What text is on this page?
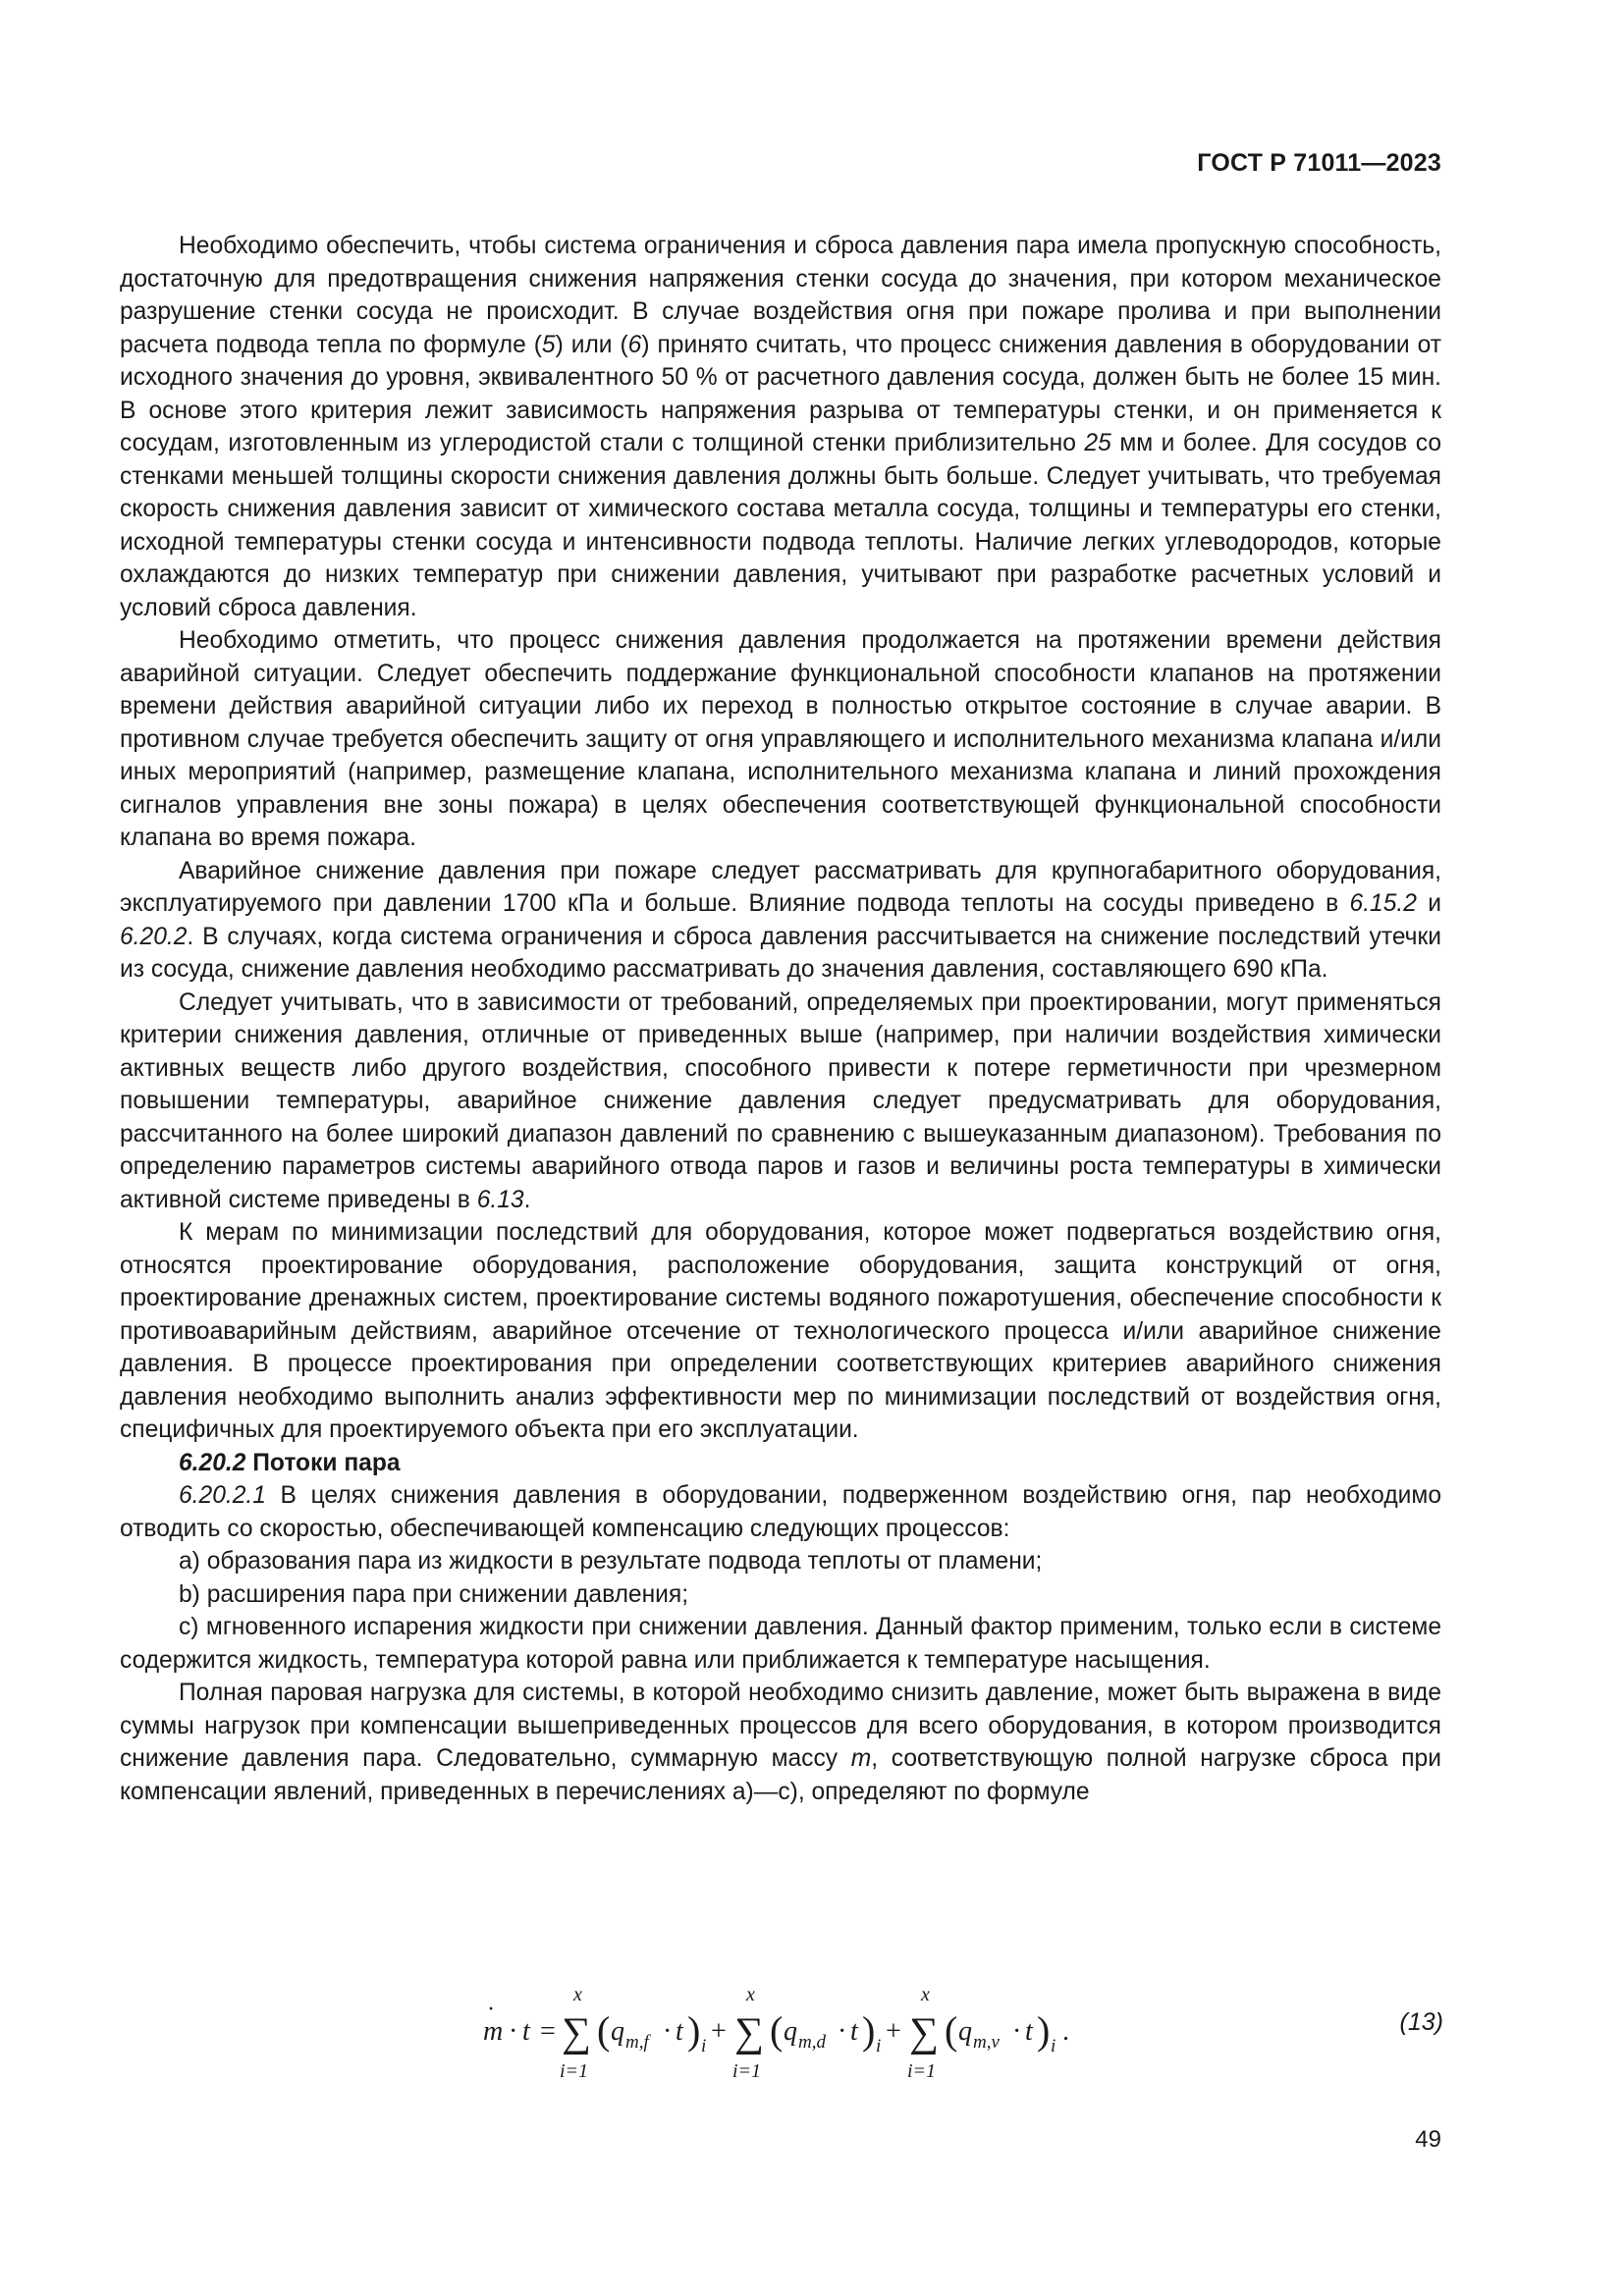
ГОСТ Р 71011—2023

Необходимо обеспечить, чтобы система ограничения и сброса давления пара имела пропускную способность, достаточную для предотвращения снижения напряжения стенки сосуда до значения, при котором механическое разрушение стенки сосуда не происходит. В случае воздействия огня при пожаре пролива и при выполнении расчета подвода тепла по формуле (5) или (6) принято считать, что процесс снижения давления в оборудовании от исходного значения до уровня, эквивалентного 50 % от расчетного давления сосуда, должен быть не более 15 мин. В основе этого критерия лежит зависимость напряжения разрыва от температуры стенки, и он применяется к сосудам, изготовленным из углеродистой стали с толщиной стенки приблизительно 25 мм и более. Для сосудов со стенками меньшей толщины скорости снижения давления должны быть больше. Следует учитывать, что требуемая скорость снижения давления зависит от химического состава металла сосуда, толщины и температуры его стенки, исходной температуры стенки сосуда и интенсивности подвода теплоты. Наличие легких углеводородов, которые охлаждаются до низких температур при снижении давления, учитывают при разработке расчетных условий и условий сброса давления.

Необходимо отметить, что процесс снижения давления продолжается на протяжении времени действия аварийной ситуации. Следует обеспечить поддержание функциональной способности клапанов на протяжении времени действия аварийной ситуации либо их переход в полностью открытое состояние в случае аварии. В противном случае требуется обеспечить защиту от огня управляющего и исполнительного механизма клапана и/или иных мероприятий (например, размещение клапана, исполнительного механизма клапана и линий прохождения сигналов управления вне зоны пожара) в целях обеспечения соответствующей функциональной способности клапана во время пожара.

Аварийное снижение давления при пожаре следует рассматривать для крупногабаритного оборудования, эксплуатируемого при давлении 1700 кПа и больше. Влияние подвода теплоты на сосуды приведено в 6.15.2 и 6.20.2. В случаях, когда система ограничения и сброса давления рассчитывается на снижение последствий утечки из сосуда, снижение давления необходимо рассматривать до значения давления, составляющего 690 кПа.

Следует учитывать, что в зависимости от требований, определяемых при проектировании, могут применяться критерии снижения давления, отличные от приведенных выше (например, при наличии воздействия химически активных веществ либо другого воздействия, способного привести к потере герметичности при чрезмерном повышении температуры, аварийное снижение давления следует предусматривать для оборудования, рассчитанного на более широкий диапазон давлений по сравнению с вышеуказанным диапазоном). Требования по определению параметров системы аварийного отвода паров и газов и величины роста температуры в химически активной системе приведены в 6.13.

К мерам по минимизации последствий для оборудования, которое может подвергаться воздействию огня, относятся проектирование оборудования, расположение оборудования, защита конструкций от огня, проектирование дренажных систем, проектирование системы водяного пожаротушения, обеспечение способности к противоаварийным действиям, аварийное отсечение от технологического процесса и/или аварийное снижение давления. В процессе проектирования при определении соответствующих критериев аварийного снижения давления необходимо выполнить анализ эффективности мер по минимизации последствий от воздействия огня, специфичных для проектируемого объекта при его эксплуатации.

6.20.2 Потоки пара

6.20.2.1 В целях снижения давления в оборудовании, подверженном воздействию огня, пар необходимо отводить со скоростью, обеспечивающей компенсацию следующих процессов:

a) образования пара из жидкости в результате подвода теплоты от пламени;

b) расширения пара при снижении давления;

c) мгновенного испарения жидкости при снижении давления. Данный фактор применим, только если в системе содержится жидкость, температура которой равна или приближается к температуре насыщения.

Полная паровая нагрузка для системы, в которой необходимо снизить давление, может быть выражена в виде суммы нагрузок при компенсации вышеприведенных процессов для всего оборудования, в котором производится снижение давления пара. Следовательно, суммарную массу m, соответствующую полной нагрузке сброса при компенсации явлений, приведенных в перечислениях а)—с), определяют по формуле

m
·
· t =
x
∑
i=1
( q m,f · t ) i +
x
∑
i=1
( q m,d · t ) i +
x
∑
i=1
( q m,v · t ) i .	(13)
49
